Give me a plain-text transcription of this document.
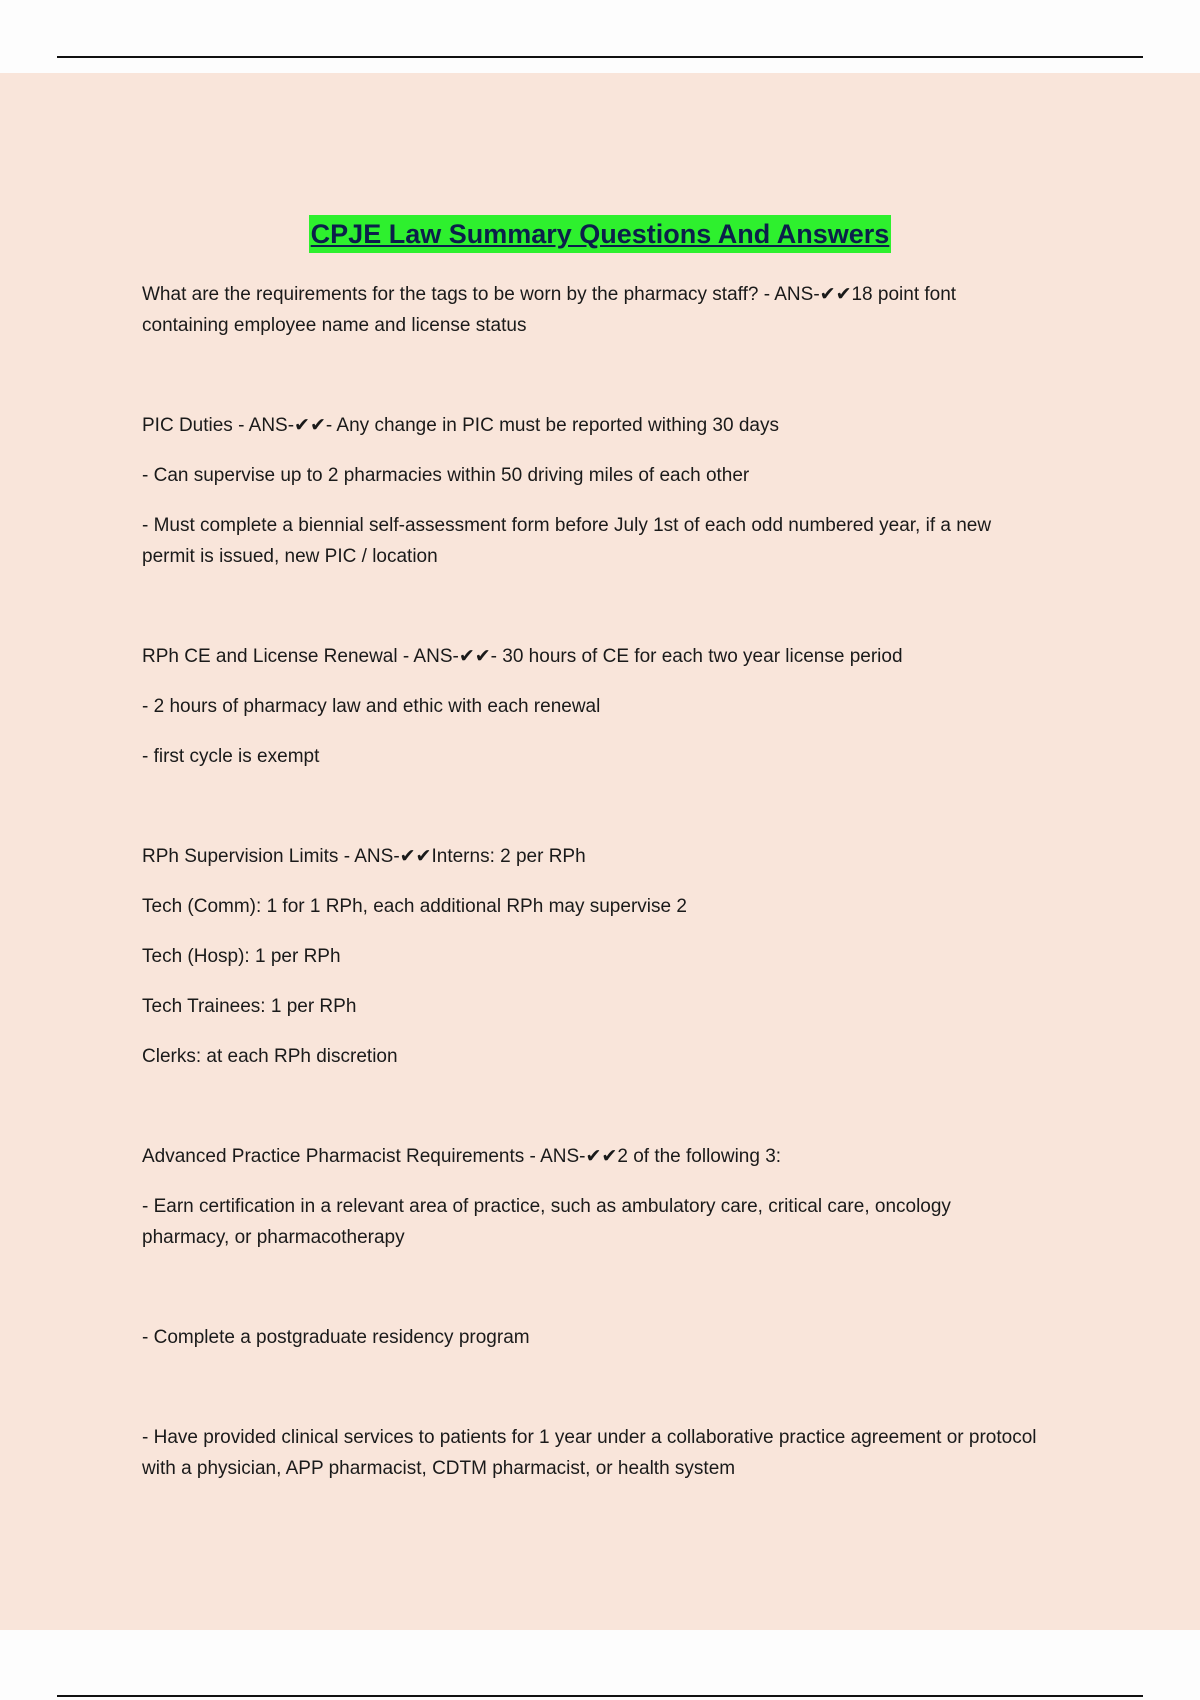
CPJE Law Summary Questions And Answers

What are the requirements for the tags to be worn by the pharmacy staff? - ANS-✔✔18 point font containing employee name and license status

PIC Duties - ANS-✔✔- Any change in PIC must be reported withing 30 days

- Can supervise up to 2 pharmacies within 50 driving miles of each other

- Must complete a biennial self-assessment form before July 1st of each odd numbered year, if a new permit is issued, new PIC / location

RPh CE and License Renewal - ANS-✔✔- 30 hours of CE for each two year license period

- 2 hours of pharmacy law and ethic with each renewal

- first cycle is exempt

RPh Supervision Limits - ANS-✔✔Interns: 2 per RPh

Tech (Comm): 1 for 1 RPh, each additional RPh may supervise 2

Tech (Hosp): 1 per RPh

Tech Trainees: 1 per RPh

Clerks: at each RPh discretion

Advanced Practice Pharmacist Requirements - ANS-✔✔2 of the following 3:

- Earn certification in a relevant area of practice, such as ambulatory care, critical care, oncology pharmacy, or pharmacotherapy

- Complete a postgraduate residency program

- Have provided clinical services to patients for 1 year under a collaborative practice agreement or protocol with a physician, APP pharmacist, CDTM pharmacist, or health system
